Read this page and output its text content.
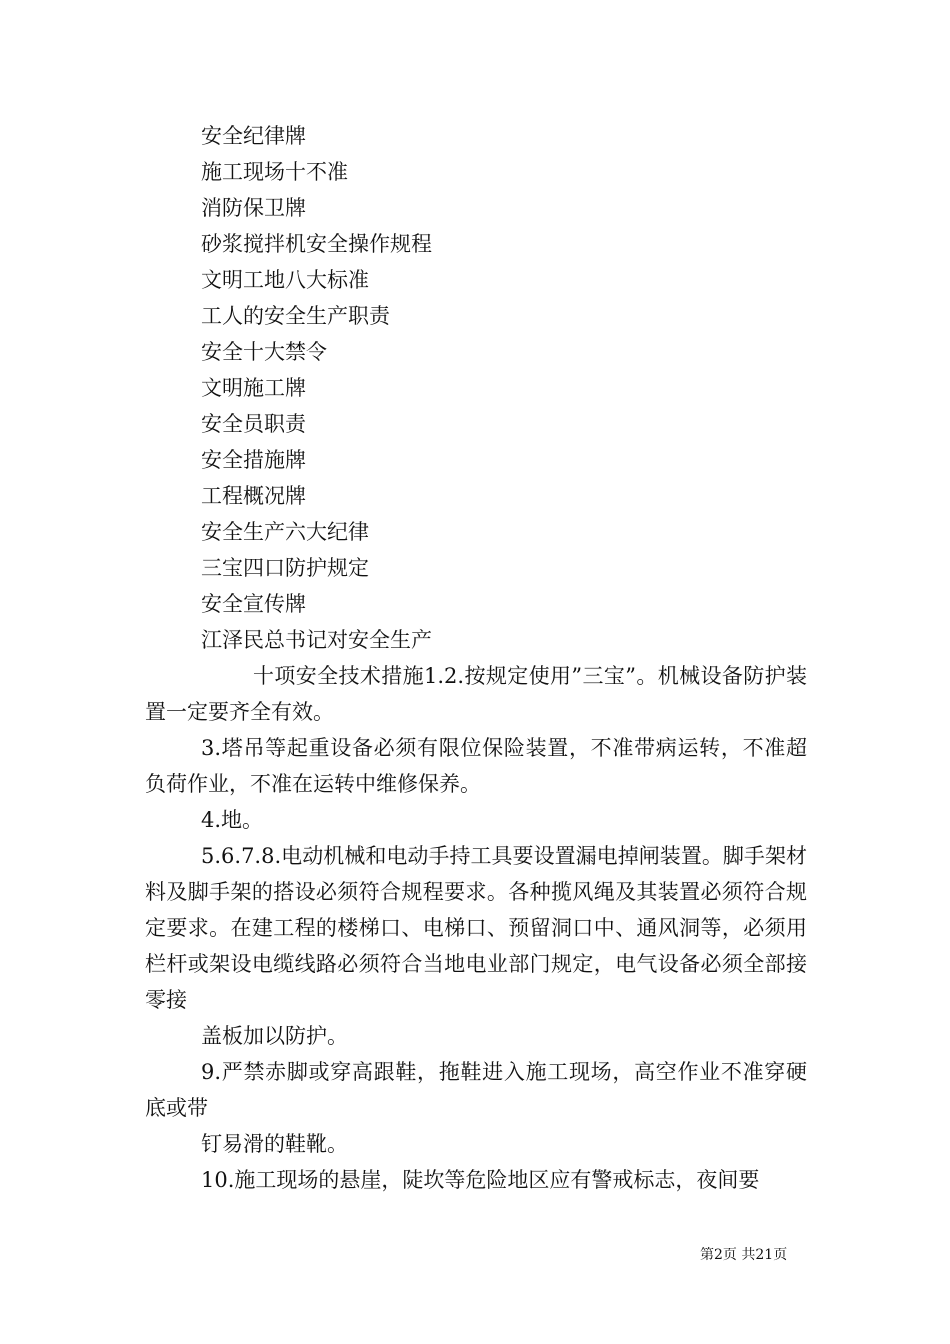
安全纪律牌
施工现场十不准
消防保卫牌
砂浆搅拌机安全操作规程
文明工地八大标准
工人的安全生产职责
安全十大禁令
文明施工牌
安全员职责
安全措施牌
工程概况牌
安全生产六大纪律
三宝四口防护规定
安全宣传牌
江泽民总书记对安全生产

十项安全技术措施1.2.按规定使用”三宝”。机械设备防护装置一定要齐全有效。

3.塔吊等起重设备必须有限位保险装置，不准带病运转，不准超负荷作业，不准在运转中维修保养。

4.地。

5.6.7.8.电动机械和电动手持工具要设置漏电掉闸装置。脚手架材料及脚手架的搭设必须符合规程要求。各种揽风绳及其装置必须符合规定要求。在建工程的楼梯口、电梯口、预留洞口中、通风洞等，必须用栏杆或架设电缆线路必须符合当地电业部门规定，电气设备必须全部接零接

盖板加以防护。

9.严禁赤脚或穿高跟鞋，拖鞋进入施工现场，高空作业不准穿硬底或带

钉易滑的鞋靴。

10.施工现场的悬崖，陡坎等危险地区应有警戒标志，夜间要

第2页 共21页
